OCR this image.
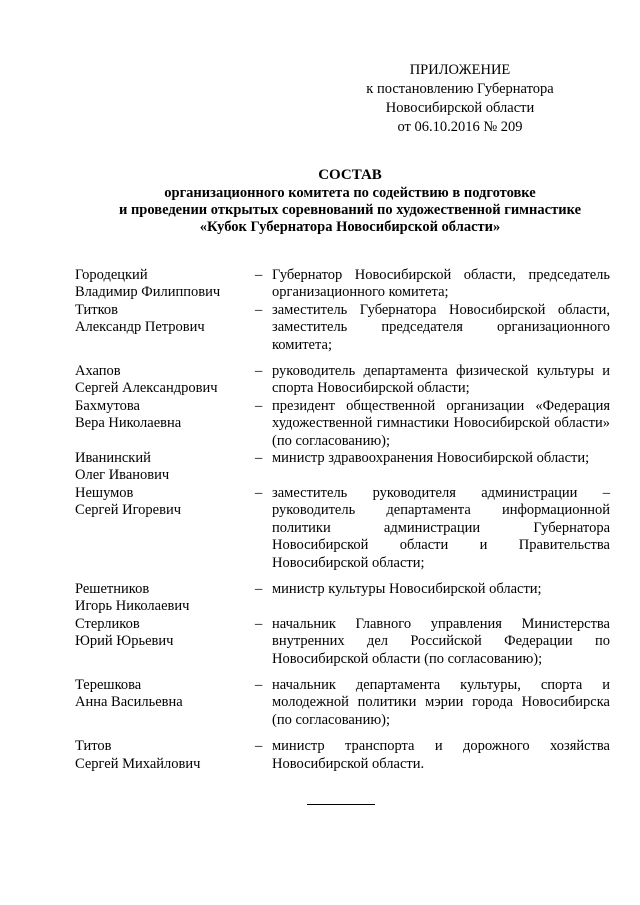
ПРИЛОЖЕНИЕ
к постановлению Губернатора
Новосибирской области
от 06.10.2016 № 209
СОСТАВ
организационного комитета по содействию в подготовке
и проведении открытых соревнований по художественной гимнастике
«Кубок Губернатора Новосибирской области»
Городецкий
Владимир Филиппович
– Губернатор Новосибирской области, председатель организационного комитета;
Титков
Александр Петрович
– заместитель Губернатора Новосибирской области, заместитель председателя организационного комитета;
Ахапов
Сергей Александрович
– руководитель департамента физической культуры и спорта Новосибирской области;
Бахмутова
Вера Николаевна
– президент общественной организации «Федерация художественной гимнастики Новосибирской области» (по согласованию);
Иванинский
Олег Иванович
– министр здравоохранения Новосибирской области;
Нешумов
Сергей Игоревич
– заместитель руководителя администрации – руководитель департамента информационной политики администрации Губернатора Новосибирской области и Правительства Новосибирской области;
Решетников
Игорь Николаевич
– министр культуры Новосибирской области;
Стерликов
Юрий Юрьевич
– начальник Главного управления Министерства внутренних дел Российской Федерации по Новосибирской области (по согласованию);
Терешкова
Анна Васильевна
– начальник департамента культуры, спорта и молодежной политики мэрии города Новосибирска (по согласованию);
Титов
Сергей Михайлович
– министр транспорта и дорожного хозяйства Новосибирской области.
